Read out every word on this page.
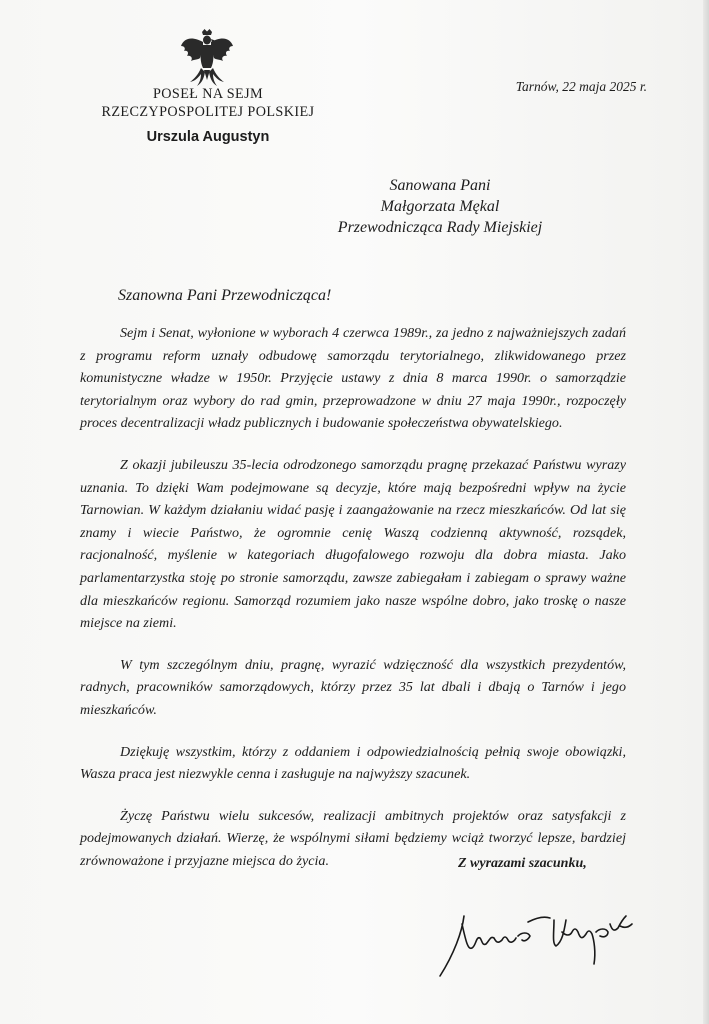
POSEŁ NA SEJM
RZECZYPOSPOLITEJ POLSKIEJ
Urszula Augustyn
Tarnów, 22 maja 2025 r.
Sanowana Pani
Małgorzata Mękal
Przewodnicząca Rady Miejskiej
Szanowna Pani Przewodnicząca!

Sejm i Senat, wyłonione w wyborach 4 czerwca 1989r., za jedno z najważniejszych zadań z programu reform uznały odbudowę samorządu terytorialnego, zlikwidowanego przez komunistyczne władze w 1950r. Przyjęcie ustawy z dnia 8 marca 1990r. o samorządzie terytorialnym oraz wybory do rad gmin, przeprowadzone w dniu 27 maja 1990r., rozpoczęły proces decentralizacji władz publicznych i budowanie społeczeństwa obywatelskiego.

Z okazji jubileuszu 35-lecia odrodzonego samorządu pragnę przekazać Państwu wyrazy uznania. To dzięki Wam podejmowane są decyzje, które mają bezpośredni wpływ na życie Tarnowian. W każdym działaniu widać pasję i zaangażowanie na rzecz mieszkańców. Od lat się znamy i wiecie Państwo, że ogromnie cenię Waszą codzienną aktywność, rozsądek, racjonalność, myślenie w kategoriach długofalowego rozwoju dla dobra miasta. Jako parlamentarzystka stoję po stronie samorządu, zawsze zabiegałam i zabiegam o sprawy ważne dla mieszkańców regionu. Samorząd rozumiem jako nasze wspólne dobro, jako troskę o nasze miejsce na ziemi.

W tym szczególnym dniu, pragnę, wyrazić wdzięczność dla wszystkich prezydentów, radnych, pracowników samorządowych, którzy przez 35 lat dbali i dbają o Tarnów i jego mieszkańców.

Dziękuję wszystkim, którzy z oddaniem i odpowiedzialnością pełnią swoje obowiązki, Wasza praca jest niezwykle cenna i zasługuje na najwyższy szacunek.

Życzę Państwu wielu sukcesów, realizacji ambitnych projektów oraz satysfakcji z podejmowanych działań. Wierzę, że wspólnymi siłami będziemy wciąż tworzyć lepsze, bardziej zrównoważone i przyjazne miejsca do życia.	Z wyrazami szacunku,
